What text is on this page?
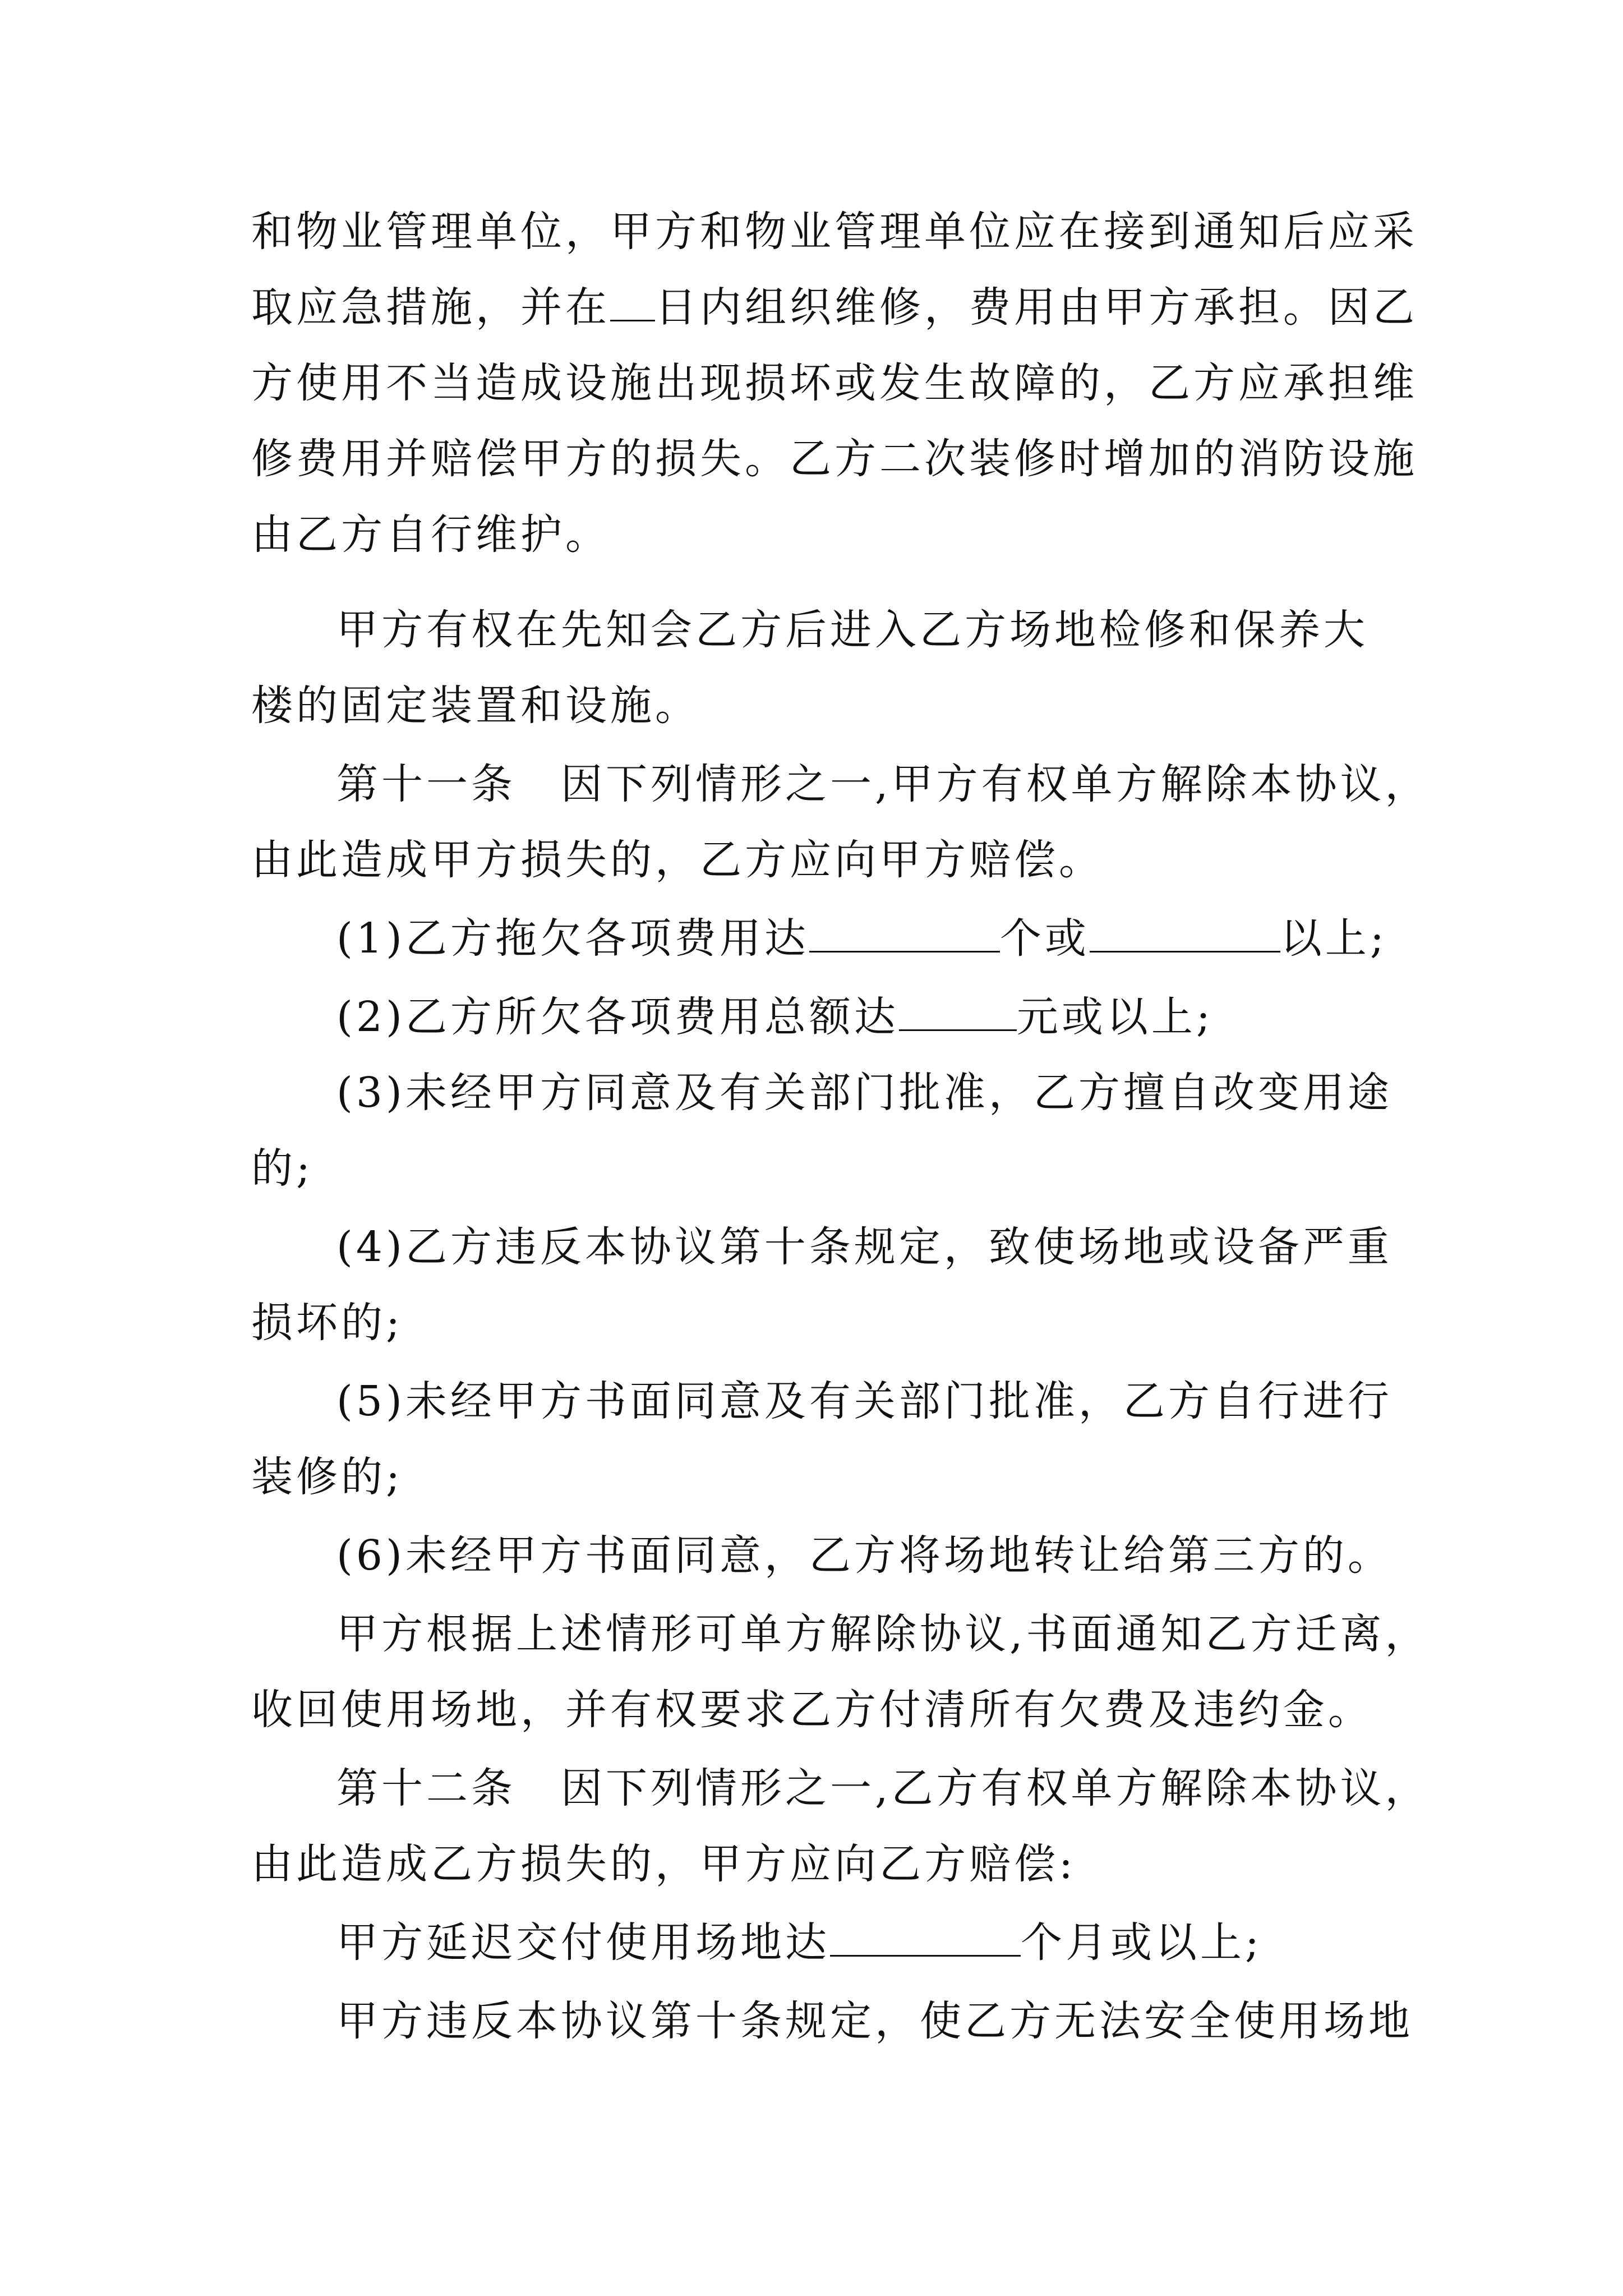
和物业管理单位，甲方和物业管理单位应在接到通知后应采
取应急措施，并在 日内组织维修，费用由甲方承担。因乙
方使用不当造成设施出现损坏或发生故障的，乙方应承担维
修费用并赔偿甲方的损失。乙方二次装修时增加的消防设施
由乙方自行维护。
甲方有权在先知会乙方后进入乙方场地检修和保养大
楼的固定装置和设施。
第十一条　因下列情形之一,甲方有权单方解除本协议，
由此造成甲方损失的，乙方应向甲方赔偿。
(1)乙方拖欠各项费用达	个或	以上;
(2)乙方所欠各项费用总额达	元或以上;
(3)未经甲方同意及有关部门批准，乙方擅自改变用途
的;
(4)乙方违反本协议第十条规定，致使场地或设备严重
损坏的;
(5)未经甲方书面同意及有关部门批准，乙方自行进行
装修的;
(6)未经甲方书面同意，乙方将场地转让给第三方的。
甲方根据上述情形可单方解除协议,书面通知乙方迁离，
收回使用场地，并有权要求乙方付清所有欠费及违约金。
第十二条　因下列情形之一,乙方有权单方解除本协议，
由此造成乙方损失的，甲方应向乙方赔偿:
甲方延迟交付使用场地达	个月或以上;
甲方违反本协议第十条规定，使乙方无法安全使用场地
